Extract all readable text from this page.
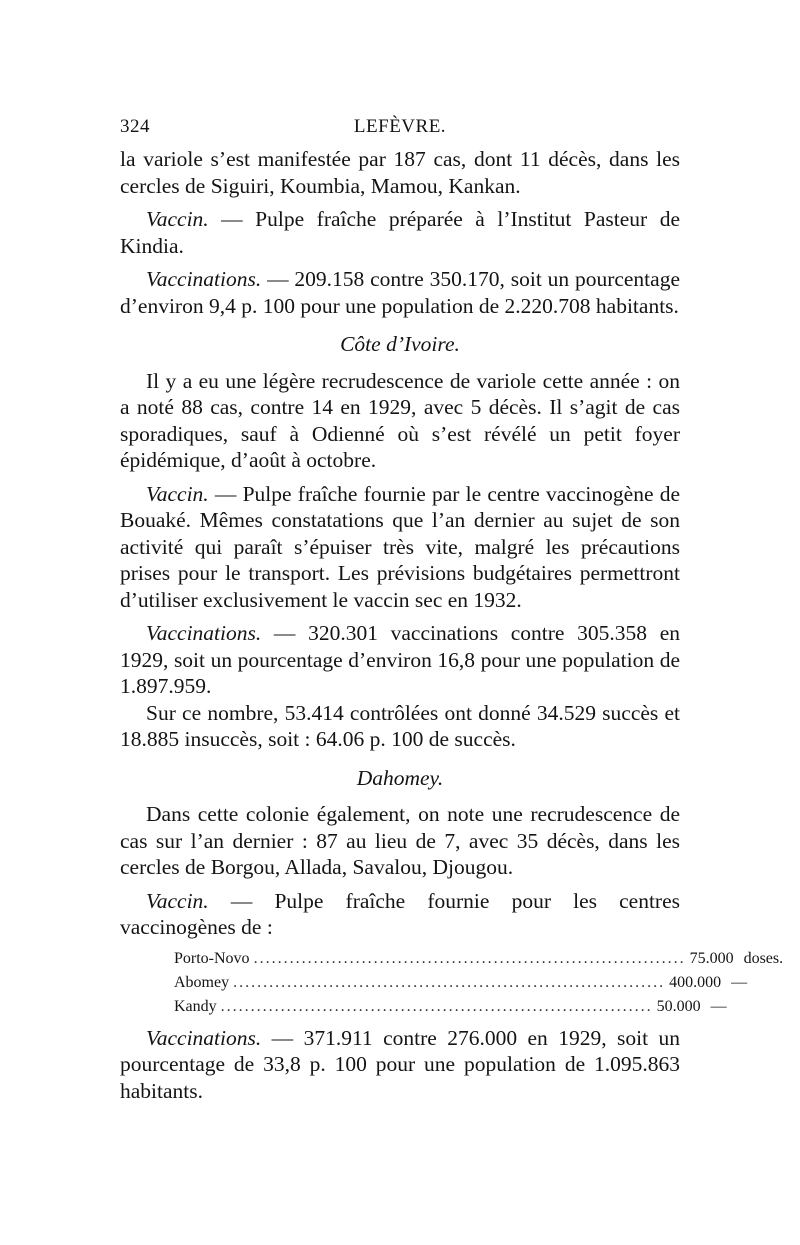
324	LEFÈVRE.

la variole s’est manifestée par 187 cas, dont 11 décès, dans les cercles de Siguiri, Koumbia, Mamou, Kankan.

Vaccin. — Pulpe fraîche préparée à l’Institut Pasteur de Kindia.

Vaccinations. — 209.158 contre 350.170, soit un pourcentage d’environ 9,4 p. 100 pour une population de 2.220.708 habitants.

Côte d’Ivoire.

Il y a eu une légère recrudescence de variole cette année : on a noté 88 cas, contre 14 en 1929, avec 5 décès. Il s’agit de cas sporadiques, sauf à Odienné où s’est révélé un petit foyer épidémique, d’août à octobre.

Vaccin. — Pulpe fraîche fournie par le centre vaccinogène de Bouaké. Mêmes constatations que l’an dernier au sujet de son activité qui paraît s’épuiser très vite, malgré les précautions prises pour le transport. Les prévisions budgétaires permettront d’utiliser exclusivement le vaccin sec en 1932.

Vaccinations. — 320.301 vaccinations contre 305.358 en 1929, soit un pourcentage d’environ 16,8 pour une population de 1.897.959.

Sur ce nombre, 53.414 contrôlées ont donné 34.529 succès et 18.885 insuccès, soit : 64.06 p. 100 de succès.

Dahomey.

Dans cette colonie également, on note une recrudescence de cas sur l’an dernier : 87 au lieu de 7, avec 35 décès, dans les cercles de Borgou, Allada, Savalou, Djougou.

Vaccin. — Pulpe fraîche fournie pour les centres vaccinogènes de :

Porto-Novo ........................................................................ 75.000 doses.
Abomey ........................................................................ 400.000 —
Kandy ........................................................................ 50.000 —

Vaccinations. — 371.911 contre 276.000 en 1929, soit un pourcentage de 33,8 p. 100 pour une population de 1.095.863 habitants.
